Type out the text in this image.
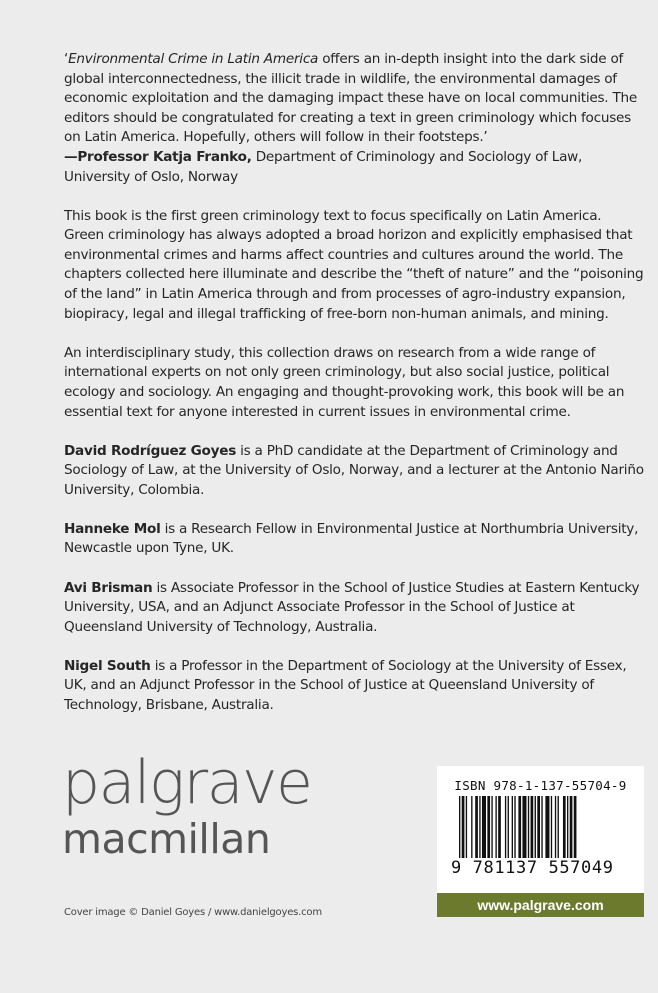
‘Environmental Crime in Latin America offers an in-depth insight into the dark side of global interconnectedness, the illicit trade in wildlife, the environmental damages of economic exploitation and the damaging impact these have on local communities. The editors should be congratulated for creating a text in green criminology which focuses on Latin America. Hopefully, others will follow in their footsteps.’
—Professor Katja Franko, Department of Criminology and Sociology of Law, University of Oslo, Norway

This book is the first green criminology text to focus specifically on Latin America. Green criminology has always adopted a broad horizon and explicitly emphasised that environmental crimes and harms affect countries and cultures around the world. The chapters collected here illuminate and describe the “theft of nature” and the “poisoning of the land” in Latin America through and from processes of agro-industry expansion, biopiracy, legal and illegal trafficking of free-born non-human animals, and mining.

An interdisciplinary study, this collection draws on research from a wide range of international experts on not only green criminology, but also social justice, political ecology and sociology. An engaging and thought-provoking work, this book will be an essential text for anyone interested in current issues in environmental crime.

David Rodríguez Goyes is a PhD candidate at the Department of Criminology and Sociology of Law, at the University of Oslo, Norway, and a lecturer at the Antonio Nariño University, Colombia.

Hanneke Mol is a Research Fellow in Environmental Justice at Northumbria University, Newcastle upon Tyne, UK.

Avi Brisman is Associate Professor in the School of Justice Studies at Eastern Kentucky University, USA, and an Adjunct Associate Professor in the School of Justice at Queensland University of Technology, Australia.

Nigel South is a Professor in the Department of Sociology at the University of Essex, UK, and an Adjunct Professor in the School of Justice at Queensland University of Technology, Brisbane, Australia.

palgrave
macmillan
ISBN 978-1-137-55704-9
9 781137 557049
www.palgrave.com
Cover image © Daniel Goyes / www.danielgoyes.com
